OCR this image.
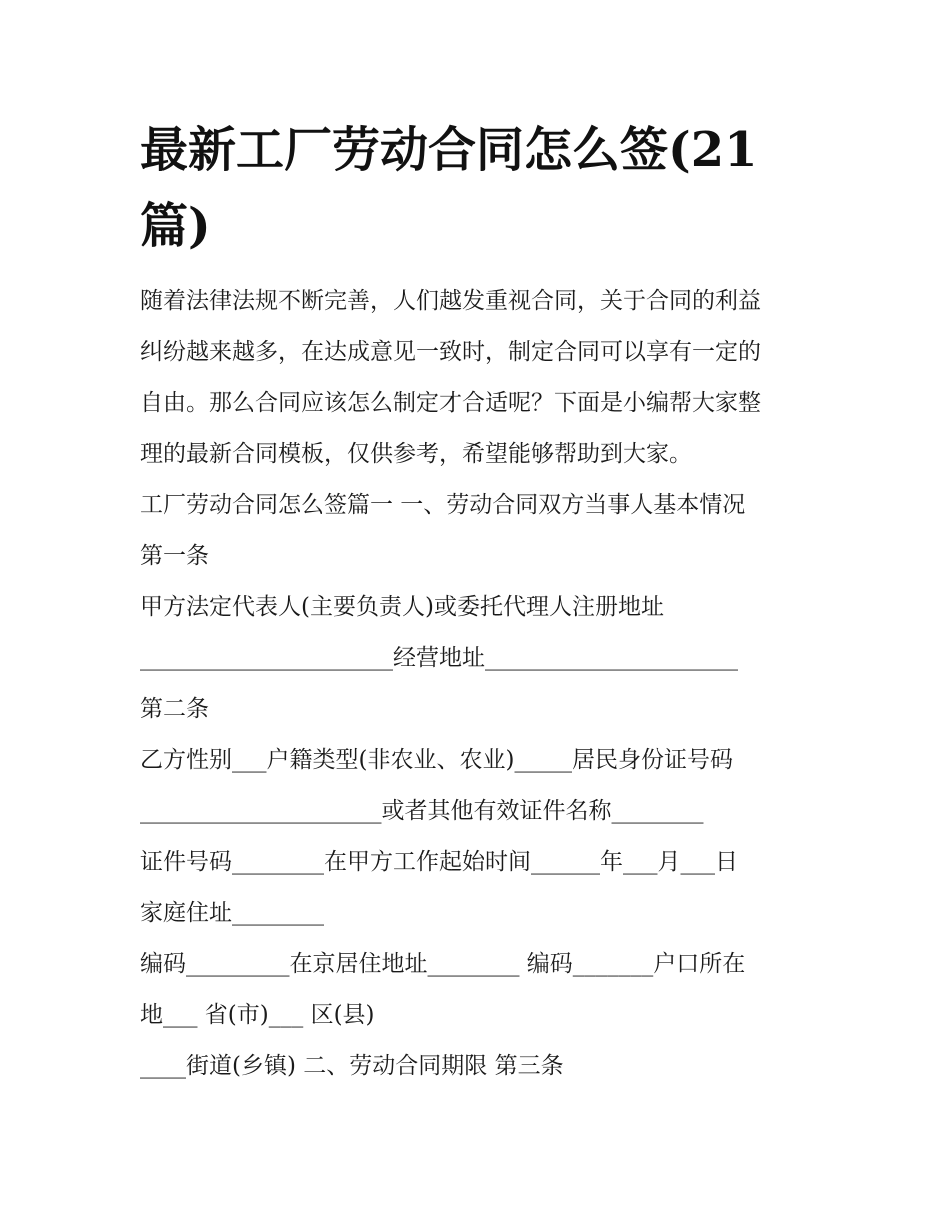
最新工厂劳动合同怎么签(21
篇)
随着法律法规不断完善，人们越发重视合同，关于合同的利益
纠纷越来越多，在达成意见一致时，制定合同可以享有一定的
自由。那么合同应该怎么制定才合适呢？下面是小编帮大家整
理的最新合同模板，仅供参考，希望能够帮助到大家。
工厂劳动合同怎么签篇一 一、劳动合同双方当事人基本情况
第一条
甲方法定代表人(主要负责人)或委托代理人注册地址
______________________经营地址______________________
第二条
乙方性别___户籍类型(非农业、农业)_____居民身份证号码
_____________________或者其他有效证件名称________
证件号码________在甲方工作起始时间______年___月___日
家庭住址________
编码_________在京居住地址________ 编码_______户口所在
地___ 省(市)___ 区(县)
____街道(乡镇) 二、劳动合同期限 第三条
